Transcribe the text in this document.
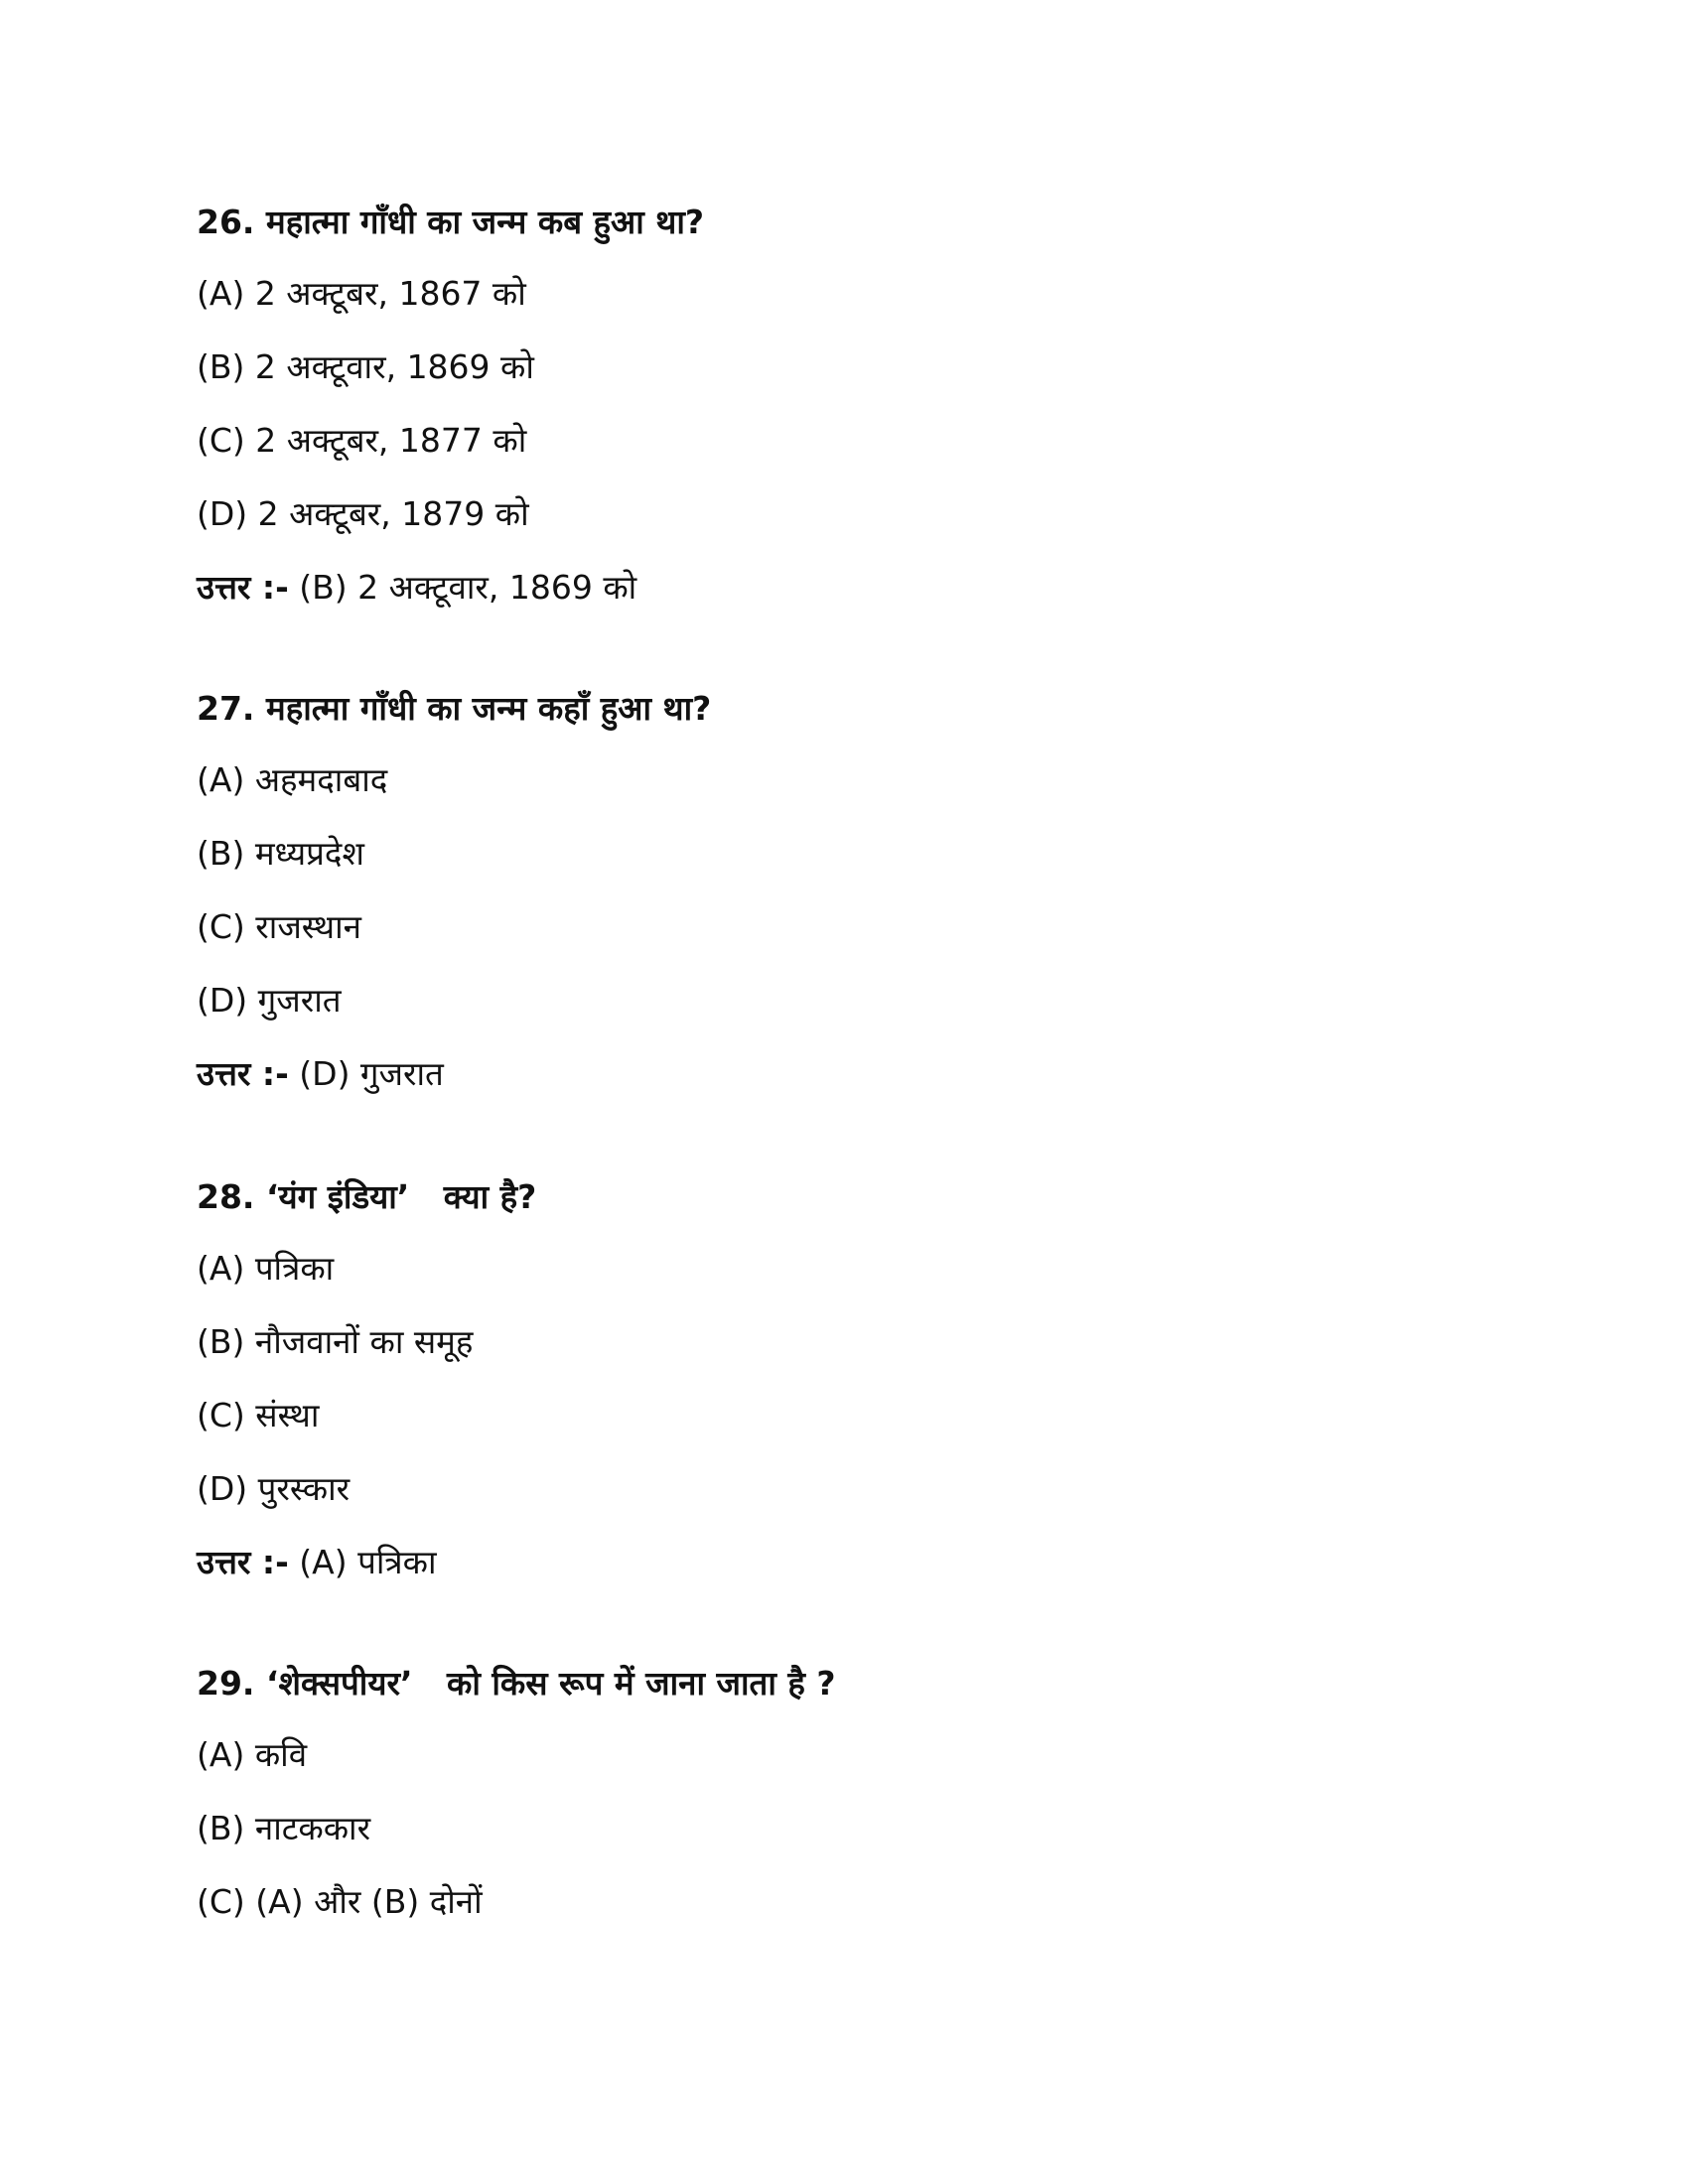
26. महात्मा गाँधी का जन्म कब हुआ था?
(A) 2 अक्टूबर, 1867 को
(B) 2 अक्टूवार, 1869 को
(C) 2 अक्टूबर, 1877 को
(D) 2 अक्टूबर, 1879 को
उत्तर :- (B) 2 अक्टूवार, 1869 को
27. महात्मा गाँधी का जन्म कहाँ हुआ था?
(A) अहमदाबाद
(B) मध्यप्रदेश
(C) राजस्थान
(D) गुजरात
उत्तर :- (D) गुजरात
28. ‘यंग इंडिया’   क्या है?
(A) पत्रिका
(B) नौजवानों का समूह
(C) संस्था
(D) पुरस्कार
उत्तर :- (A) पत्रिका
29. ‘शेक्सपीयर’   को किस रूप में जाना जाता है ?
(A) कवि
(B) नाटककार
(C) (A) और (B) दोनों
